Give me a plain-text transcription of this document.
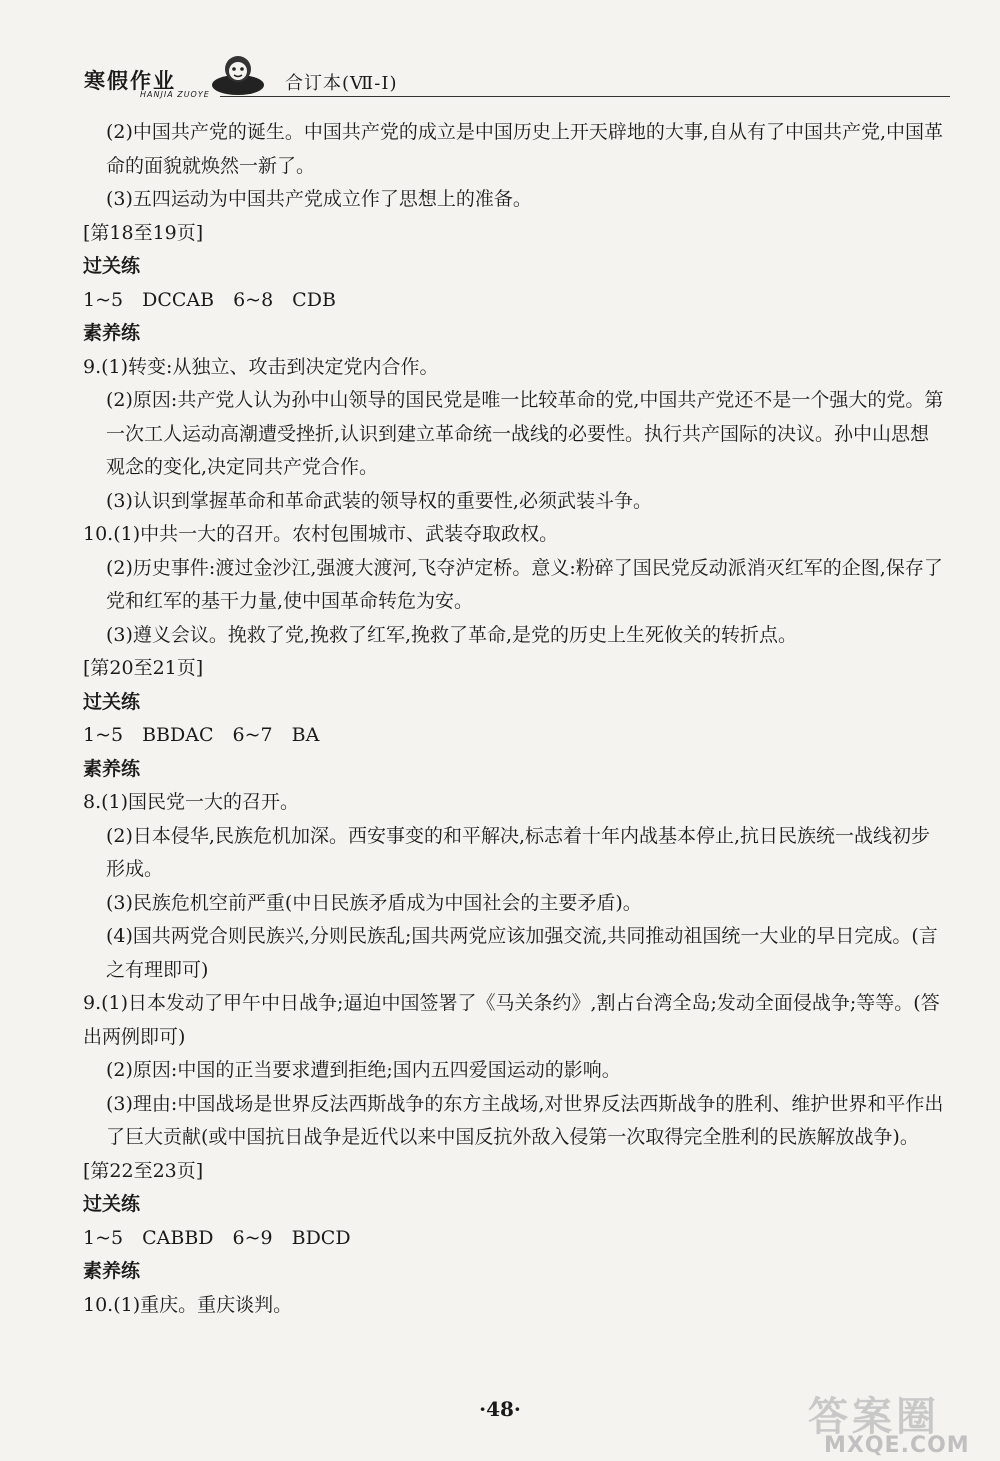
寒假作业
HANJIA ZUOYE
合订本(Ⅶ-Ⅰ)

(2)中国共产党的诞生。中国共产党的成立是中国历史上开天辟地的大事,自从有了中国共产党,中国革命的面貌就焕然一新了。

(3)五四运动为中国共产党成立作了思想上的准备。

[第18至19页]

过关练

1~5　DCCAB　6~8　CDB

素养练

9.(1)转变:从独立、攻击到决定党内合作。

(2)原因:共产党人认为孙中山领导的国民党是唯一比较革命的党,中国共产党还不是一个强大的党。第一次工人运动高潮遭受挫折,认识到建立革命统一战线的必要性。执行共产国际的决议。孙中山思想观念的变化,决定同共产党合作。

(3)认识到掌握革命和革命武装的领导权的重要性,必须武装斗争。

10.(1)中共一大的召开。农村包围城市、武装夺取政权。

(2)历史事件:渡过金沙江,强渡大渡河,飞夺泸定桥。意义:粉碎了国民党反动派消灭红军的企图,保存了党和红军的基干力量,使中国革命转危为安。

(3)遵义会议。挽救了党,挽救了红军,挽救了革命,是党的历史上生死攸关的转折点。

[第20至21页]

过关练

1~5　BBDAC　6~7　BA

素养练

8.(1)国民党一大的召开。

(2)日本侵华,民族危机加深。西安事变的和平解决,标志着十年内战基本停止,抗日民族统一战线初步形成。

(3)民族危机空前严重(中日民族矛盾成为中国社会的主要矛盾)。

(4)国共两党合则民族兴,分则民族乱;国共两党应该加强交流,共同推动祖国统一大业的早日完成。(言之有理即可)

9.(1)日本发动了甲午中日战争;逼迫中国签署了《马关条约》,割占台湾全岛;发动全面侵战争;等等。(答出两例即可)

(2)原因:中国的正当要求遭到拒绝;国内五四爱国运动的影响。

(3)理由:中国战场是世界反法西斯战争的东方主战场,对世界反法西斯战争的胜利、维护世界和平作出了巨大贡献(或中国抗日战争是近代以来中国反抗外敌入侵第一次取得完全胜利的民族解放战争)。

[第22至23页]

过关练

1~5　CABBD　6~9　BDCD

素养练

10.(1)重庆。重庆谈判。

·48·	答案圈
MXQE.COM
